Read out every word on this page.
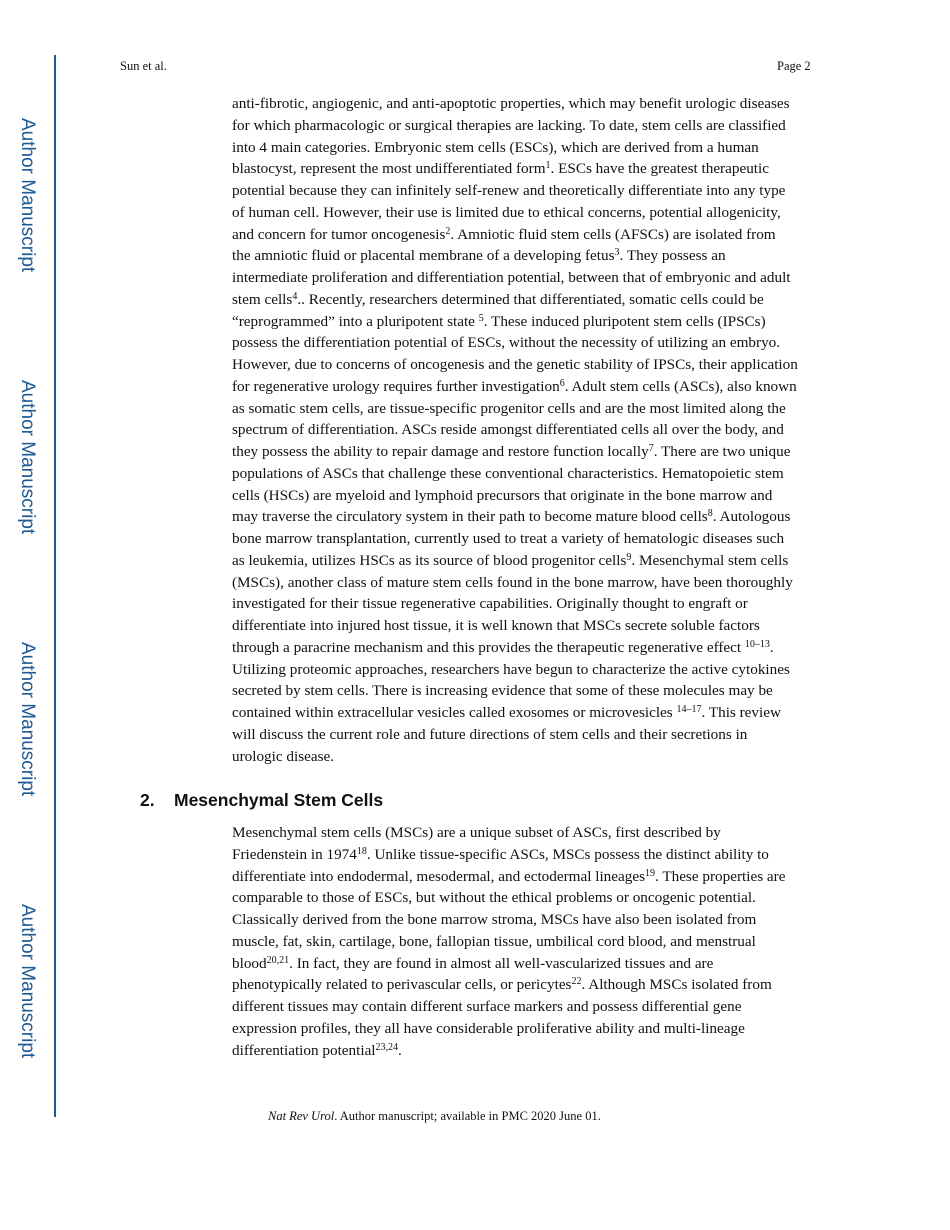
Author Manuscript
Author Manuscript
Author Manuscript
Author Manuscript
Sun et al.	Page 2
anti-fibrotic, angiogenic, and anti-apoptotic properties, which may benefit urologic diseases
for which pharmacologic or surgical therapies are lacking. To date, stem cells are classified
into 4 main categories. Embryonic stem cells (ESCs), which are derived from a human
blastocyst, represent the most undifferentiated form$^1$. ESCs have the greatest therapeutic
potential because they can infinitely self-renew and theoretically differentiate into any type
of human cell. However, their use is limited due to ethical concerns, potential allogenicity,
and concern for tumor oncogenesis$^2$. Amniotic fluid stem cells (AFSCs) are isolated from
the amniotic fluid or placental membrane of a developing fetus$^3$. They possess an
intermediate proliferation and differentiation potential, between that of embryonic and adult
stem cells$^4$.. Recently, researchers determined that differentiated, somatic cells could be
“reprogrammed” into a pluripotent state $^5$. These induced pluripotent stem cells (IPSCs)
possess the differentiation potential of ESCs, without the necessity of utilizing an embryo.
However, due to concerns of oncogenesis and the genetic stability of IPSCs, their application
for regenerative urology requires further investigation$^6$. Adult stem cells (ASCs), also known
as somatic stem cells, are tissue-specific progenitor cells and are the most limited along the
spectrum of differentiation. ASCs reside amongst differentiated cells all over the body, and
they possess the ability to repair damage and restore function locally$^7$. There are two unique
populations of ASCs that challenge these conventional characteristics. Hematopoietic stem
cells (HSCs) are myeloid and lymphoid precursors that originate in the bone marrow and
may traverse the circulatory system in their path to become mature blood cells$^8$. Autologous
bone marrow transplantation, currently used to treat a variety of hematologic diseases such
as leukemia, utilizes HSCs as its source of blood progenitor cells$^9$. Mesenchymal stem cells
(MSCs), another class of mature stem cells found in the bone marrow, have been thoroughly
investigated for their tissue regenerative capabilities. Originally thought to engraft or
differentiate into injured host tissue, it is well known that MSCs secrete soluble factors
through a paracrine mechanism and this provides the therapeutic regenerative effect $^{10-13}$.
Utilizing proteomic approaches, researchers have begun to characterize the active cytokines
secreted by stem cells. There is increasing evidence that some of these molecules may be
contained within extracellular vesicles called exosomes or microvesicles $^{14-17}$. This review
will discuss the current role and future directions of stem cells and their secretions in
urologic disease.
2. Mesenchymal Stem Cells
Mesenchymal stem cells (MSCs) are a unique subset of ASCs, first described by
Friedenstein in 1974$^{18}$. Unlike tissue-specific ASCs, MSCs possess the distinct ability to
differentiate into endodermal, mesodermal, and ectodermal lineages$^{19}$. These properties are
comparable to those of ESCs, but without the ethical problems or oncogenic potential.
Classically derived from the bone marrow stroma, MSCs have also been isolated from
muscle, fat, skin, cartilage, bone, fallopian tissue, umbilical cord blood, and menstrual
blood$^{20,21}$. In fact, they are found in almost all well-vascularized tissues and are
phenotypically related to perivascular cells, or pericytes$^{22}$. Although MSCs isolated from
different tissues may contain different surface markers and possess differential gene
expression profiles, they all have considerable proliferative ability and multi-lineage
differentiation potential$^{23,24}$.
Nat Rev Urol. Author manuscript; available in PMC 2020 June 01.
